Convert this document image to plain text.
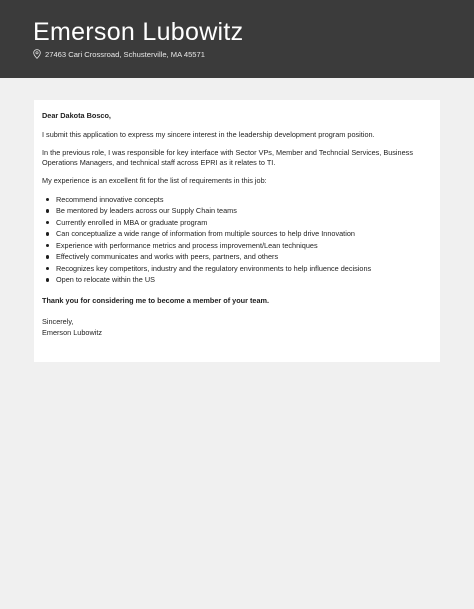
Emerson Lubowitz
27463 Cari Crossroad, Schusterville, MA 45571

Dear Dakota Bosco,

I submit this application to express my sincere interest in the leadership development program position.

In the previous role, I was responsible for key interface with Sector VPs, Member and Techncial Services, Business Operations Managers, and technical staff across EPRI as it relates to TI.

My experience is an excellent fit for the list of requirements in this job:

Recommend innovative concepts
Be mentored by leaders across our Supply Chain teams
Currently enrolled in MBA or graduate program
Can conceptualize a wide range of information from multiple sources to help drive Innovation
Experience with performance metrics and process improvement/Lean techniques
Effectively communicates and works with peers, partners, and others
Recognizes key competitors, industry and the regulatory environments to help influence decisions
Open to relocate within the US

Thank you for considering me to become a member of your team.

Sincerely,

Emerson Lubowitz
